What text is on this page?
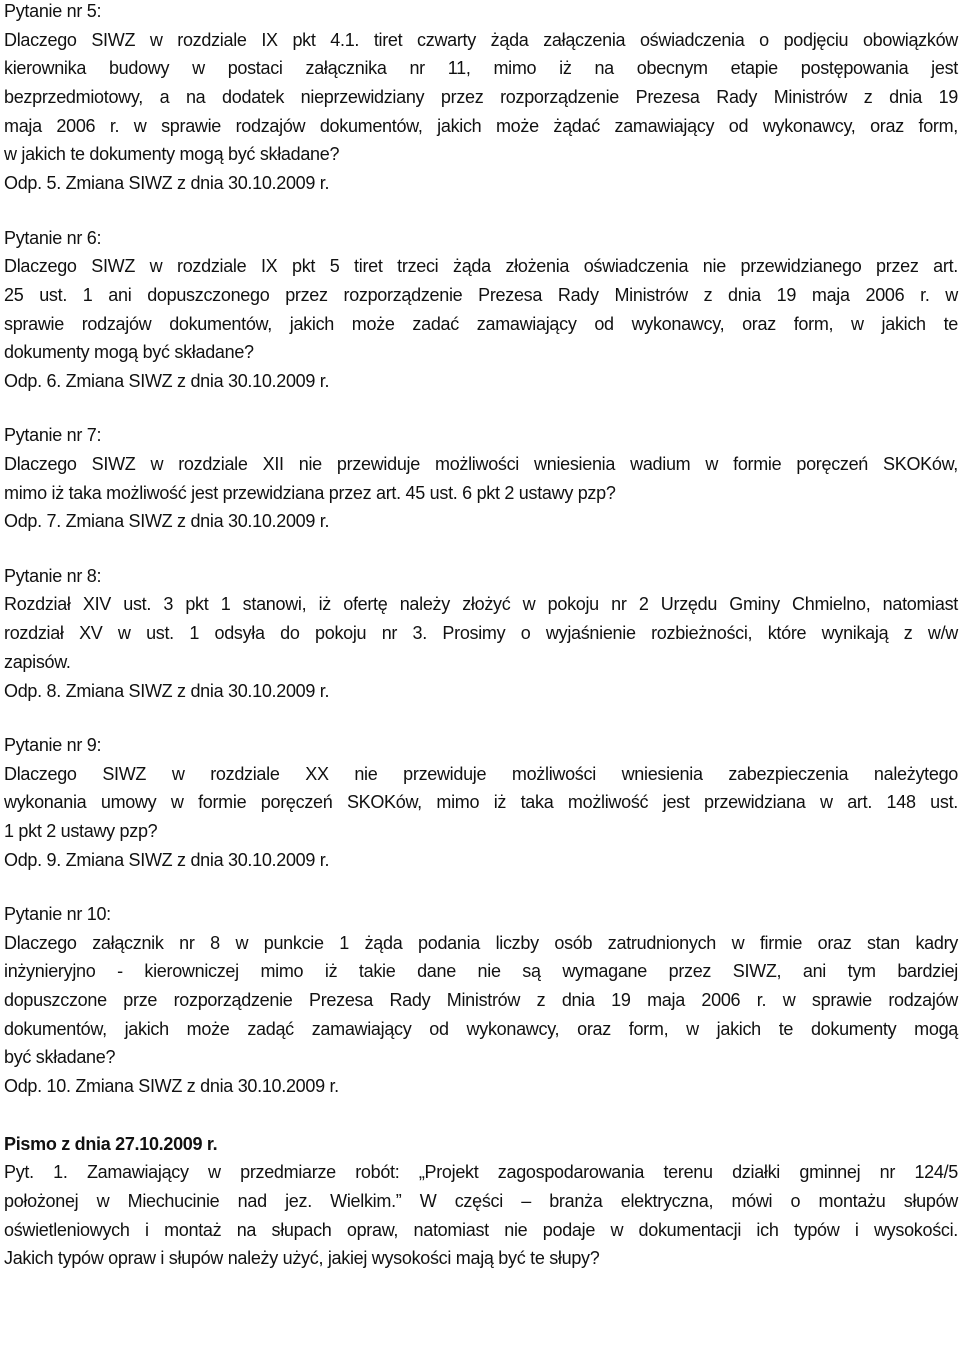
Pytanie nr 5:
Dlaczego SIWZ w rozdziale IX pkt 4.1. tiret czwarty żąda załączenia oświadczenia o podjęciu obowiązków
kierownika budowy w postaci załącznika nr 11, mimo iż na obecnym etapie postępowania jest
bezprzedmiotowy, a na dodatek nieprzewidziany przez rozporządzenie Prezesa Rady Ministrów z dnia 19
maja 2006 r. w sprawie rodzajów dokumentów, jakich może żądać zamawiający od wykonawcy, oraz form,
w jakich te dokumenty mogą być składane?
Odp. 5. Zmiana SIWZ z dnia 30.10.2009 r.
Pytanie nr 6:
Dlaczego SIWZ w rozdziale IX pkt 5 tiret trzeci żąda złożenia oświadczenia nie przewidzianego przez art.
25 ust. 1 ani dopuszczonego przez rozporządzenie Prezesa Rady Ministrów z dnia 19 maja 2006 r. w
sprawie rodzajów dokumentów, jakich może zadać zamawiający od wykonawcy, oraz form, w jakich te
dokumenty mogą być składane?
Odp. 6. Zmiana SIWZ z dnia 30.10.2009 r.
Pytanie nr 7:
Dlaczego SIWZ w rozdziale XII nie przewiduje możliwości wniesienia wadium w formie poręczeń SKOKów,
mimo iż taka możliwość jest przewidziana przez art. 45 ust. 6 pkt 2 ustawy pzp?
Odp. 7. Zmiana SIWZ z dnia 30.10.2009 r.
Pytanie nr 8:
Rozdział XIV ust. 3 pkt 1 stanowi, iż ofertę należy złożyć w pokoju nr 2 Urzędu Gminy Chmielno, natomiast
rozdział XV w ust. 1 odsyła do pokoju nr 3. Prosimy o wyjaśnienie rozbieżności, które wynikają z w/w
zapisów.
Odp. 8. Zmiana SIWZ z dnia 30.10.2009 r.
Pytanie nr 9:
Dlaczego SIWZ w rozdziale XX nie przewiduje możliwości wniesienia zabezpieczenia należytego
wykonania umowy w formie poręczeń SKOKów, mimo iż taka możliwość jest przewidziana w art. 148 ust.
1 pkt 2 ustawy pzp?
Odp. 9. Zmiana SIWZ z dnia 30.10.2009 r.
Pytanie nr 10:
Dlaczego załącznik nr 8 w punkcie 1 żąda podania liczby osób zatrudnionych w firmie oraz stan kadry
inżynieryjno - kierowniczej mimo iż takie dane nie są wymagane przez SIWZ, ani tym bardziej
dopuszczone prze rozporządzenie Prezesa Rady Ministrów z dnia 19 maja 2006 r. w sprawie rodzajów
dokumentów, jakich może zadąć zamawiający od wykonawcy, oraz form, w jakich te dokumenty mogą
być składane?
Odp. 10. Zmiana SIWZ z dnia 30.10.2009 r.
Pismo z dnia 27.10.2009 r.
Pyt. 1. Zamawiający w przedmiarze robót: „Projekt zagospodarowania terenu działki gminnej nr 124/5
położonej w Miechucinie nad jez. Wielkim.” W części – branża elektryczna, mówi o montażu słupów
oświetleniowych i montaż na słupach opraw, natomiast nie podaje w dokumentacji ich typów i wysokości.
Jakich typów opraw i słupów należy użyć, jakiej wysokości mają być te słupy?
